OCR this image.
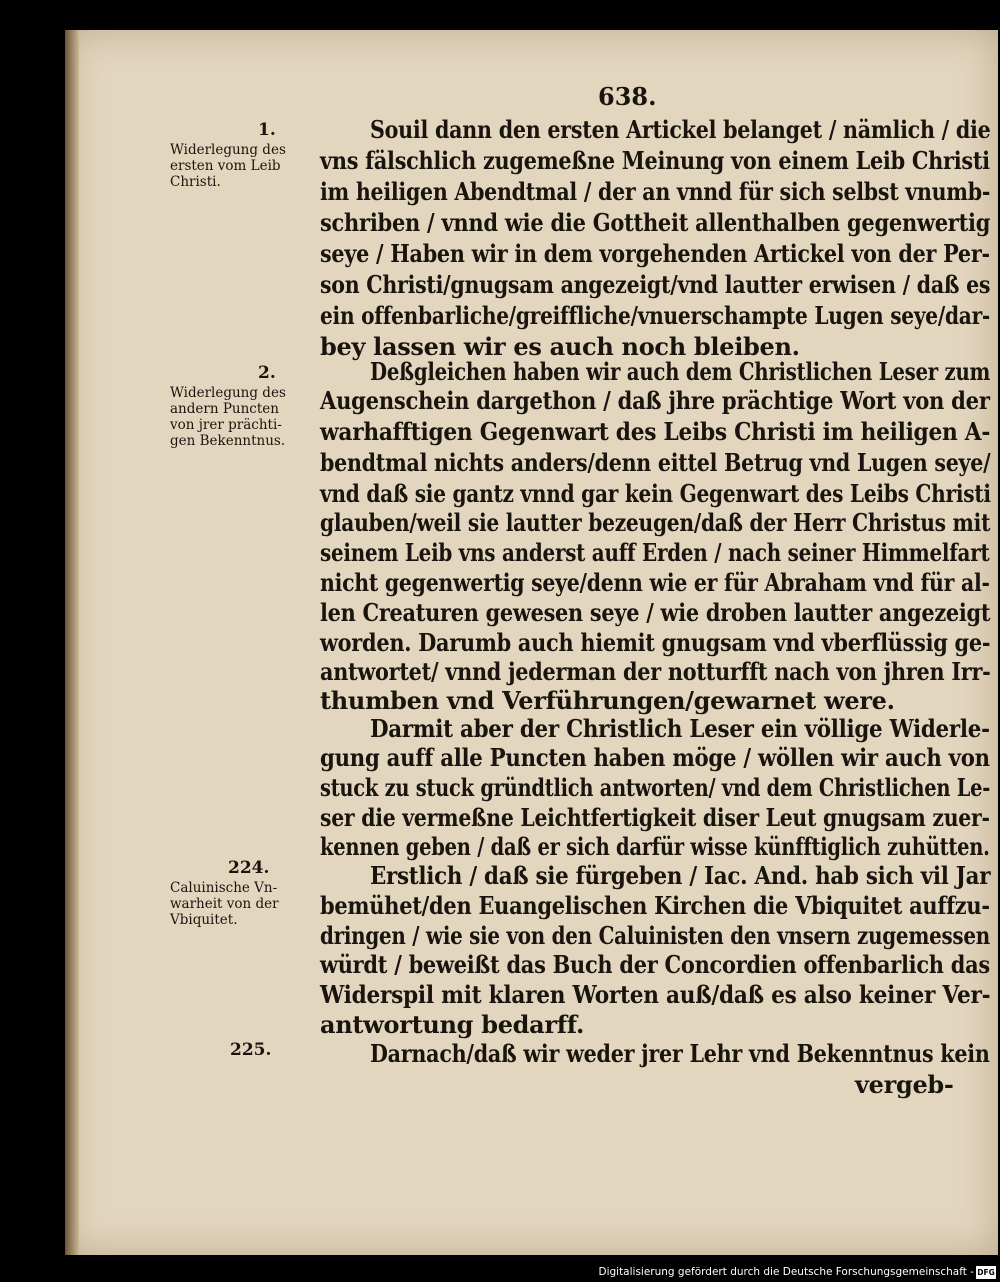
638.
1.
2.
224.
225.
Widerlegung des
ersten vom Leib
Christi.
Widerlegung des
andern Puncten
von jrer prächti-
gen Bekenntnus.
Caluinische Vn-
warheit von der
Vbiquitet.
Souil dann den ersten Artickel belanget / nämlich / die
vns fälschlich zugemeßne Meinung von einem Leib Christi
im heiligen Abendtmal / der an vnnd für sich selbst vnumb-
schriben / vnnd wie die Gottheit allenthalben gegenwertig
seye / Haben wir in dem vorgehenden Artickel von der Per-
son Christi/gnugsam angezeigt/vnd lautter erwisen / daß es
ein offenbarliche/greiffliche/vnuerschampte Lugen seye/dar-
bey lassen wir es auch noch bleiben.
Deßgleichen haben wir auch dem Christlichen Leser zum
Augenschein dargethon / daß jhre prächtige Wort von der
warhafftigen Gegenwart des Leibs Christi im heiligen A-
bendtmal nichts anders/denn eittel Betrug vnd Lugen seye/
vnd daß sie gantz vnnd gar kein Gegenwart des Leibs Christi
glauben/weil sie lautter bezeugen/daß der Herr Christus mit
seinem Leib vns anderst auff Erden / nach seiner Himmelfart
nicht gegenwertig seye/denn wie er für Abraham vnd für al-
len Creaturen gewesen seye / wie droben lautter angezeigt
worden. Darumb auch hiemit gnugsam vnd vberflüssig ge-
antwortet/ vnnd jederman der notturfft nach von jhren Irr-
thumben vnd Verführungen/gewarnet were.
Darmit aber der Christlich Leser ein völlige Widerle-
gung auff alle Puncten haben möge / wöllen wir auch von
stuck zu stuck gründtlich antworten/ vnd dem Christlichen Le-
ser die vermeßne Leichtfertigkeit diser Leut gnugsam zuer-
kennen geben / daß er sich darfür wisse künfftiglich zuhütten.
Erstlich / daß sie fürgeben / Iac. And. hab sich vil Jar
bemühet/den Euangelischen Kirchen die Vbiquitet auffzu-
dringen / wie sie von den Caluinisten den vnsern zugemessen
würdt / beweißt das Buch der Concordien offenbarlich das
Widerspil mit klaren Worten auß/daß es also keiner Ver-
antwortung bedarff.
Darnach/daß wir weder jrer Lehr vnd Bekenntnus kein
vergeb-
Digitalisierung gefördert durch die Deutsche Forschungsgemeinschaft - DFG
